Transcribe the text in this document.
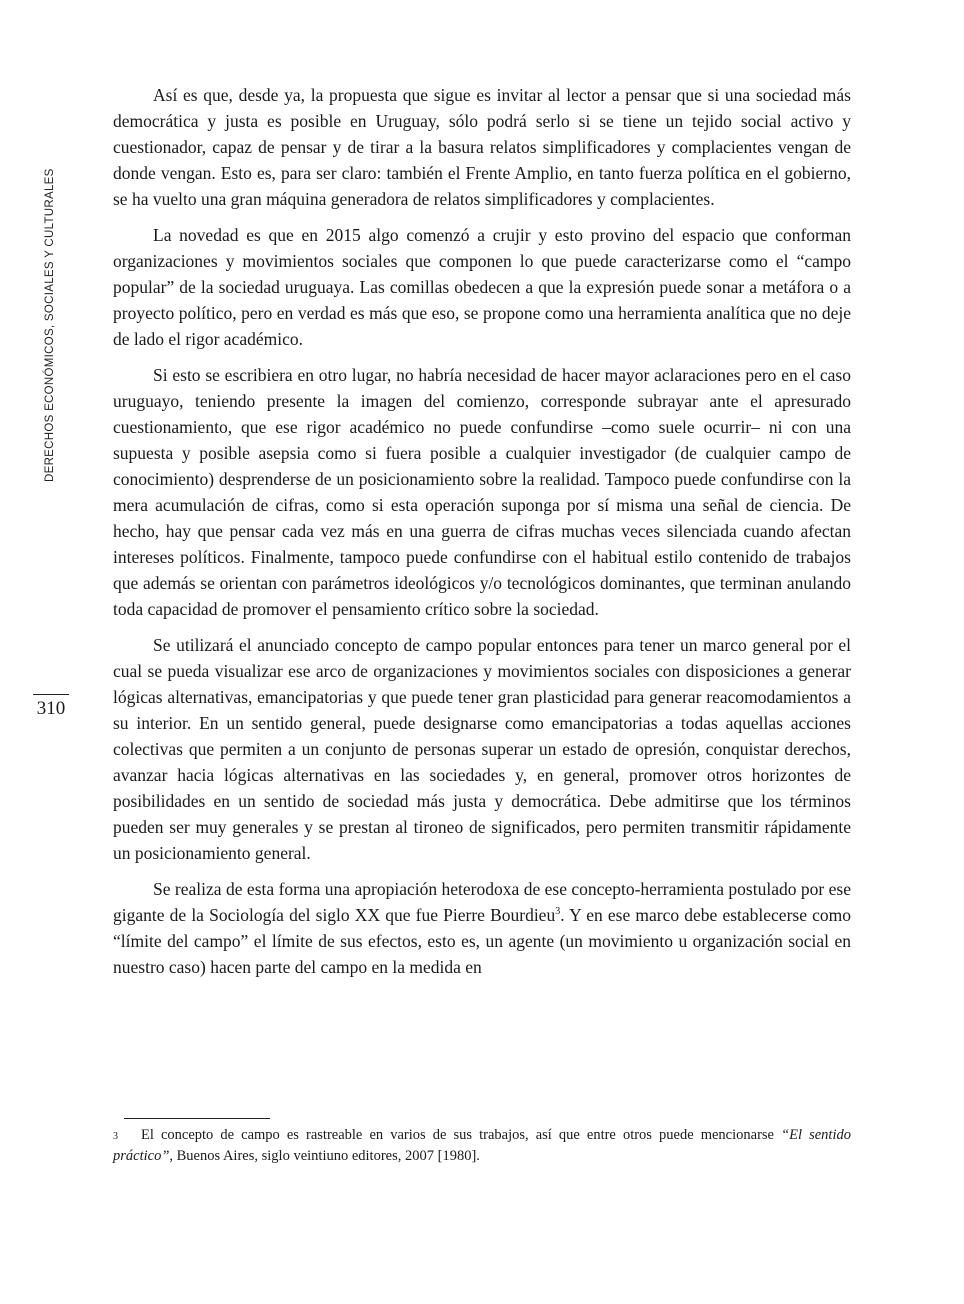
DERECHOS ECONÓMICOS, SOCIALES Y CULTURALES
310

Así es que, desde ya, la propuesta que sigue es invitar al lector a pensar que si una sociedad más democrática y justa es posible en Uruguay, sólo podrá serlo si se tiene un tejido social activo y cuestionador, capaz de pensar y de tirar a la basura relatos simplificadores y complacientes vengan de donde vengan. Esto es, para ser claro: también el Frente Amplio, en tanto fuerza política en el gobierno, se ha vuelto una gran máquina generadora de relatos simplificadores y complacientes.

La novedad es que en 2015 algo comenzó a crujir y esto provino del espacio que conforman organizaciones y movimientos sociales que componen lo que puede caracterizarse como el “campo popular” de la sociedad uruguaya. Las comillas obedecen a que la expresión puede sonar a metáfora o a proyecto político, pero en verdad es más que eso, se propone como una herramienta analítica que no deje de lado el rigor académico.

Si esto se escribiera en otro lugar, no habría necesidad de hacer mayor aclaraciones pero en el caso uruguayo, teniendo presente la imagen del comienzo, corresponde subrayar ante el apresurado cuestionamiento, que ese rigor académico no puede confundirse –como suele ocurrir– ni con una supuesta y posible asepsia como si fuera posible a cualquier investigador (de cualquier campo de conocimiento) desprenderse de un posicionamiento sobre la realidad. Tampoco puede confundirse con la mera acumulación de cifras, como si esta operación suponga por sí misma una señal de ciencia. De hecho, hay que pensar cada vez más en una guerra de cifras muchas veces silenciada cuando afectan intereses políticos. Finalmente, tampoco puede confundirse con el habitual estilo contenido de trabajos que además se orientan con parámetros ideológicos y/o tecnológicos dominantes, que terminan anulando toda capacidad de promover el pensamiento crítico sobre la sociedad.

Se utilizará el anunciado concepto de campo popular entonces para tener un marco general por el cual se pueda visualizar ese arco de organizaciones y movimientos sociales con disposiciones a generar lógicas alternativas, emancipatorias y que puede tener gran plasticidad para generar reacomodamientos a su interior. En un sentido general, puede designarse como emancipatorias a todas aquellas acciones colectivas que permiten a un conjunto de personas superar un estado de opresión, conquistar derechos, avanzar hacia lógicas alternativas en las sociedades y, en general, promover otros horizontes de posibilidades en un sentido de sociedad más justa y democrática. Debe admitirse que los términos pueden ser muy generales y se prestan al tironeo de significados, pero permiten transmitir rápidamente un posicionamiento general.

Se realiza de esta forma una apropiación heterodoxa de ese concepto-herramienta postulado por ese gigante de la Sociología del siglo XX que fue Pierre Bourdieu$^3$. Y en ese marco debe establecerse como “límite del campo” el límite de sus efectos, esto es, un agente (un movimiento u organización social en nuestro caso) hacen parte del campo en la medida en

3 El concepto de campo es rastreable en varios de sus trabajos, así que entre otros puede mencionarse “El sentido práctico”, Buenos Aires, siglo veintiuno editores, 2007 [1980].
